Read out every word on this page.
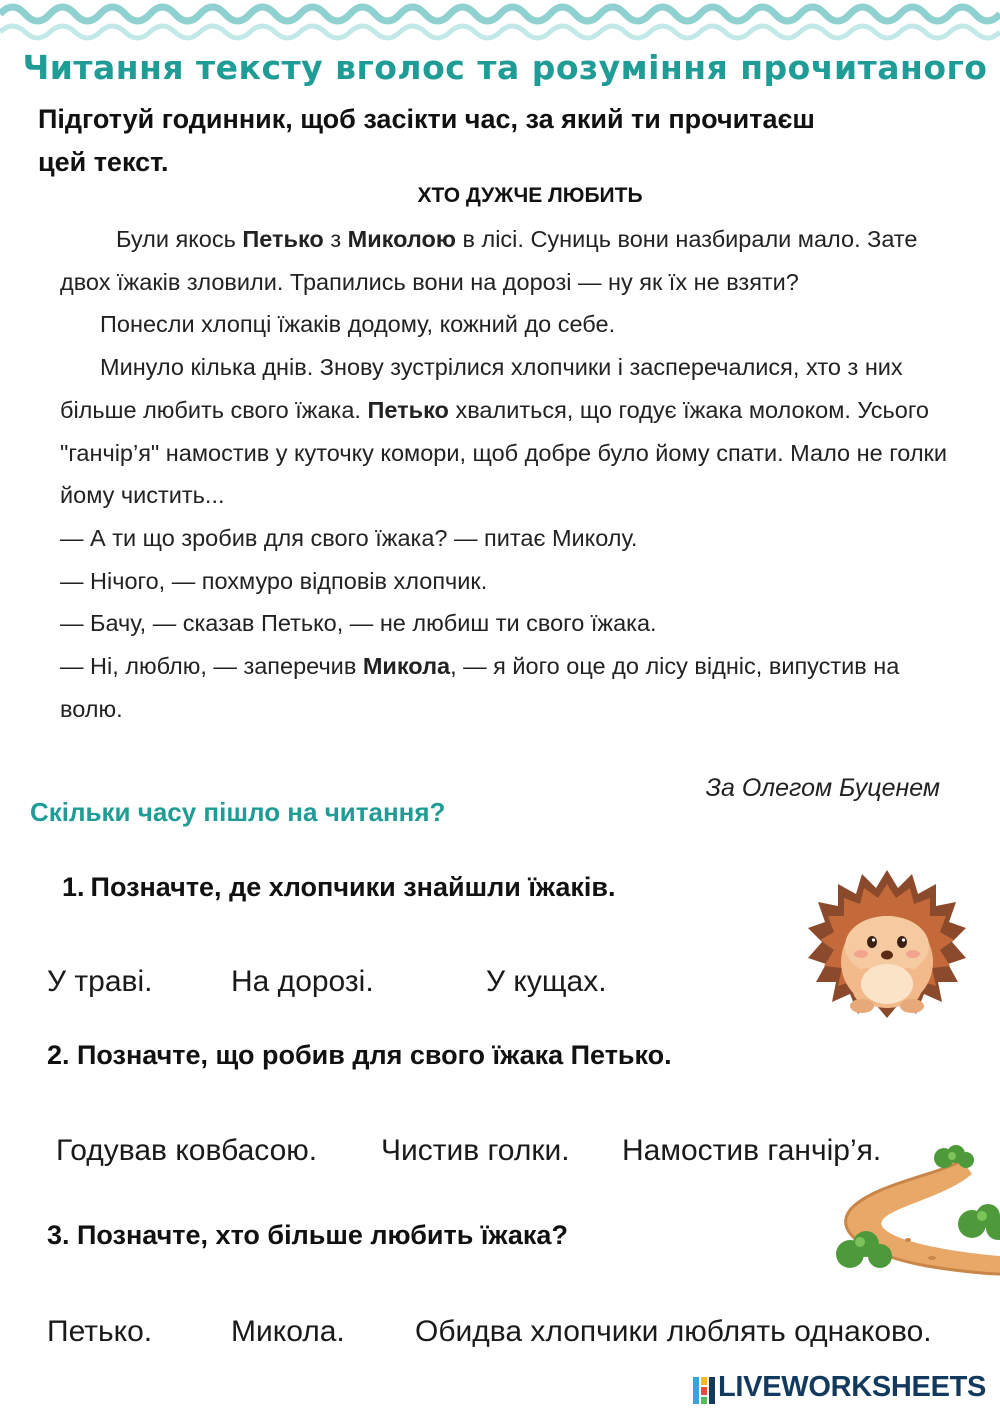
Читання тексту вголос та розуміння прочитаного
Підготуй годинник, щоб засікти час, за який ти прочитаєш
цей текст.
ХТО ДУЖЧЕ ЛЮБИТЬ

Були якось Петько з Миколою в лісі. Суниць вони назбирали мало. Зате двох їжаків зловили. Трапились вони на дорозі — ну як їх не взяти?

Понесли хлопці їжаків додому, кожний до себе.

Минуло кілька днів. Знову зустрілися хлопчики і засперечалися, хто з них більше любить свого їжака. Петько хвалиться, що годує їжака молоком. Усього "ганчір’я" намостив у куточку комори, щоб добре було йому спати. Мало не голки йому чистить...

— А ти що зробив для свого їжака? — питає Миколу.

— Нічого, — похмуро відповів хлопчик.

— Бачу, — сказав Петько, — не любиш ти свого їжака.

— Ні, люблю, — заперечив Микола, — я його оце до лісу відніс, випустив на волю.

За Олегом Буценем
Скільки часу пішло на читання?
1. Позначте, де хлопчики знайшли їжаків.
У траві.	На дорозі.	У кущах.
2. Позначте, що робив для свого їжака Петько.
Годував ковбасою. Чистив голки. Намостив ганчір’я.
3. Позначте, хто більше любить їжака?
Петько.	Микола. Обидва хлопчики люблять однаково.
LIVEWORKSHEETS
